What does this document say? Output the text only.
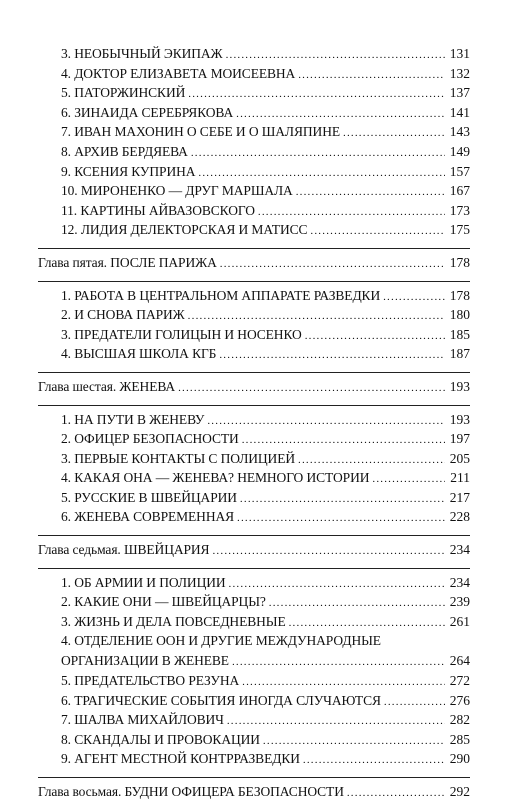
3. НЕОБЫЧНЫЙ ЭКИПАЖ .....	131
4. ДОКТОР ЕЛИЗАВЕТА МОИСЕЕВНА .....	132
5. ПАТОРЖИНСКИЙ .....	137
6. ЗИНАИДА СЕРЕБРЯКОВА .....	141
7. ИВАН МАХОНИН О СЕБЕ И О ШАЛЯПИНЕ .....	143
8. АРХИВ БЕРДЯЕВА .....	149
9. КСЕНИЯ КУПРИНА .....	157
10. МИРОНЕНКО — ДРУГ МАРШАЛА .....	167
11. КАРТИНЫ АЙВАЗОВСКОГО .....	173
12. ЛИДИЯ ДЕЛЕКТОРСКАЯ И МАТИСС .....	175
Глава пятая. ПОСЛЕ ПАРИЖА .....	178
1. РАБОТА В ЦЕНТРАЛЬНОМ АППАРАТЕ РАЗВЕДКИ .....	178
2. И СНОВА ПАРИЖ .....	180
3. ПРЕДАТЕЛИ ГОЛИЦЫН И НОСЕНКО .....	185
4. ВЫСШАЯ ШКОЛА КГБ .....	187
Глава шестая. ЖЕНЕВА .....	193
1. НА ПУТИ В ЖЕНЕВУ .....	193
2. ОФИЦЕР БЕЗОПАСНОСТИ .....	197
3. ПЕРВЫЕ КОНТАКТЫ С ПОЛИЦИЕЙ .....	205
4. КАКАЯ ОНА — ЖЕНЕВА? НЕМНОГО ИСТОРИИ .....	211
5. РУССКИЕ В ШВЕЙЦАРИИ .....	217
6. ЖЕНЕВА СОВРЕМЕННАЯ .....	228
Глава седьмая. ШВЕЙЦАРИЯ .....	234
1. ОБ АРМИИ И ПОЛИЦИИ .....	234
2. КАКИЕ ОНИ — ШВЕЙЦАРЦЫ? .....	239
3. ЖИЗНЬ И ДЕЛА ПОВСЕДНЕВНЫЕ .....	261
4. ОТДЕЛЕНИЕ ООН И ДРУГИЕ МЕЖДУНАРОДНЫЕ
ОРГАНИЗАЦИИ В ЖЕНЕВЕ .....	264
5. ПРЕДАТЕЛЬСТВО РЕЗУНА .....	272
6. ТРАГИЧЕСКИЕ СОБЫТИЯ ИНОГДА СЛУЧАЮТСЯ .....	276
7. ШАЛВА МИХАЙЛОВИЧ .....	282
8. СКАНДАЛЫ И ПРОВОКАЦИИ .....	285
9. АГЕНТ МЕСТНОЙ КОНТРРАЗВЕДКИ .....	290
Глава восьмая. БУДНИ ОФИЦЕРА БЕЗОПАСНОСТИ .....	292
